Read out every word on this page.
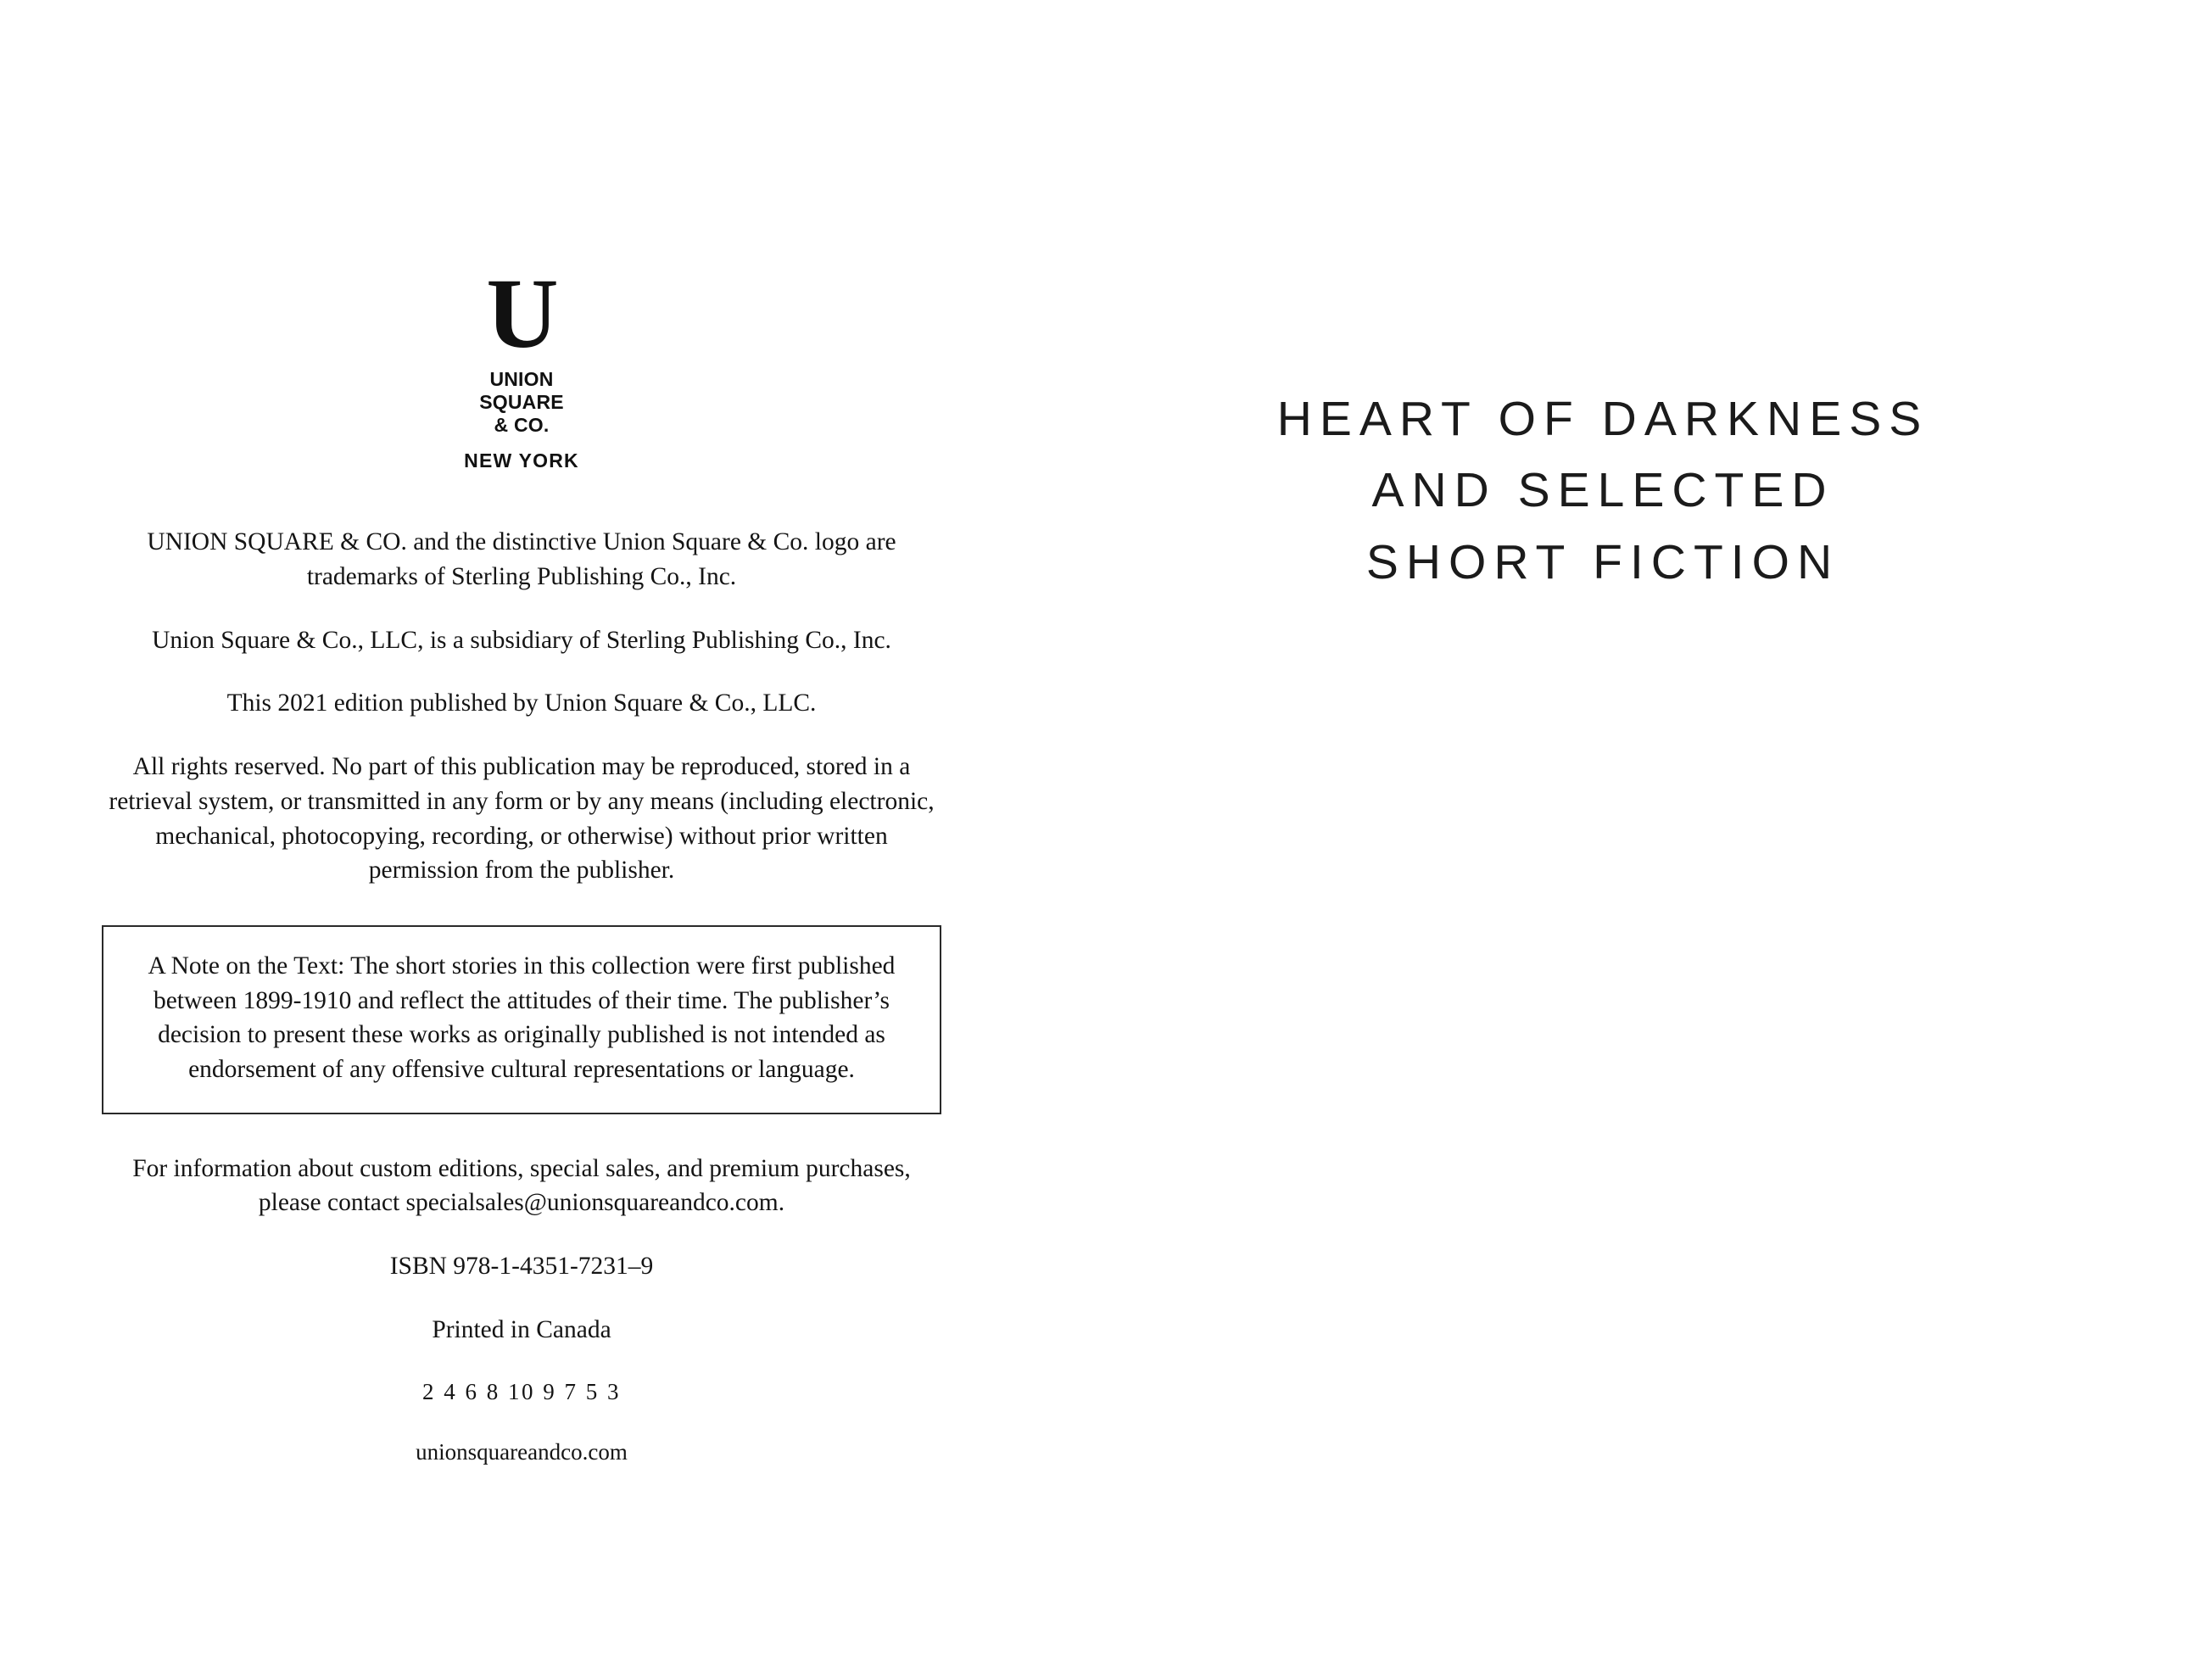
U
UNION
SQUARE
& CO.
NEW YORK

UNION SQUARE & CO. and the distinctive Union Square & Co. logo are trademarks of Sterling Publishing Co., Inc.

Union Square & Co., LLC, is a subsidiary of Sterling Publishing Co., Inc.

This 2021 edition published by Union Square & Co., LLC.

All rights reserved. No part of this publication may be reproduced, stored in a retrieval system, or transmitted in any form or by any means (including electronic, mechanical, photocopying, recording, or otherwise) without prior written permission from the publisher.

A Note on the Text: The short stories in this collection were first published between 1899-1910 and reflect the attitudes of their time. The publisher’s decision to present these works as originally published is not intended as endorsement of any offensive cultural representations or language.

For information about custom editions, special sales, and premium purchases, please contact specialsales@unionsquareandco.com.

ISBN 978-1-4351-7231–9

Printed in Canada

2 4 6 8 10 9 7 5 3

unionsquareandco.com

HEART OF DARKNESS
AND SELECTED
SHORT FICTION
